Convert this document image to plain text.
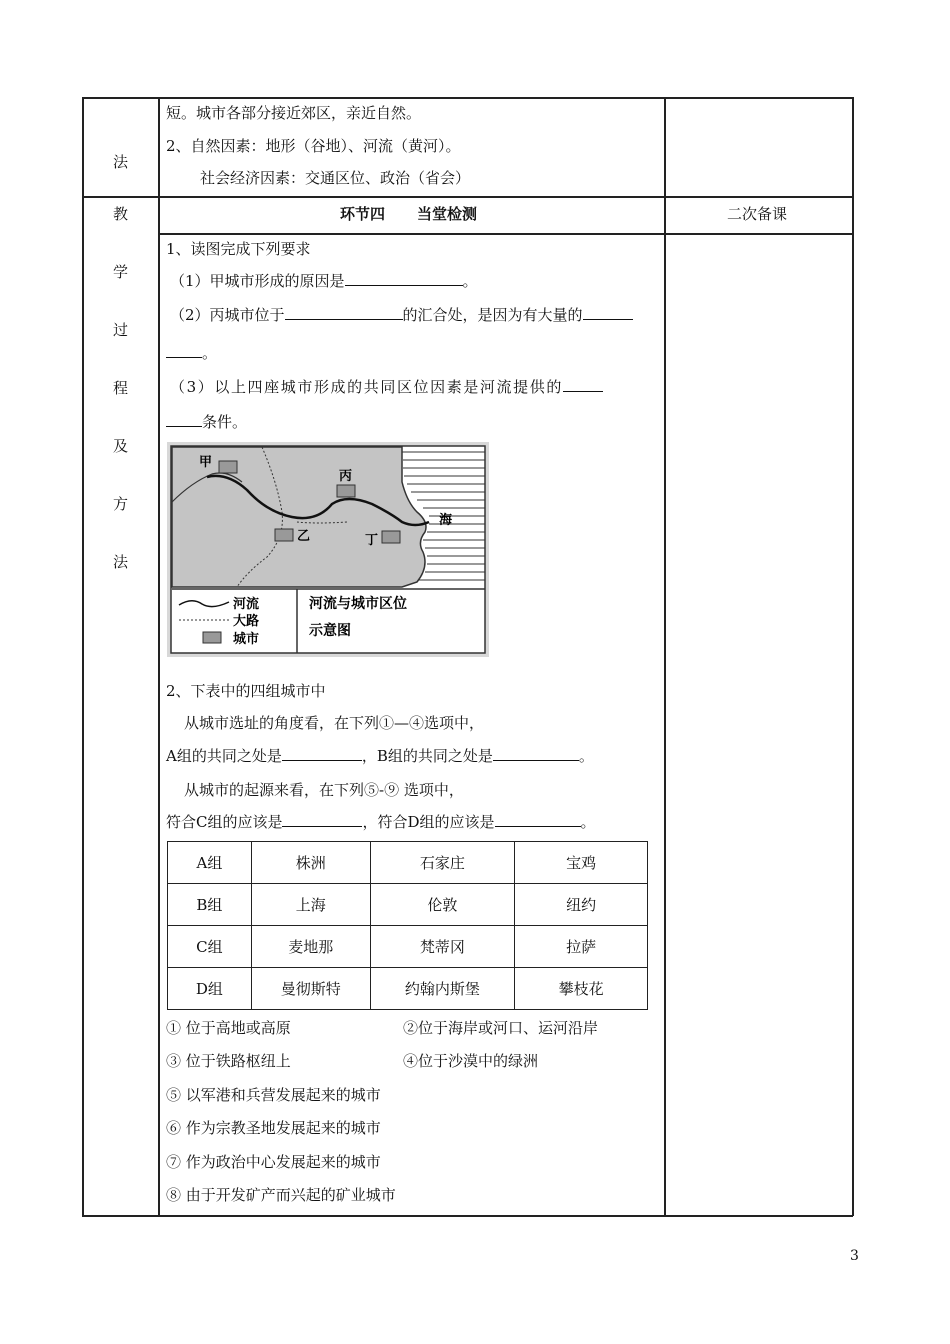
法
短。城市各部分接近郊区，亲近自然。
2、自然因素：地形（谷地）、河流（黄河）。
社会经济因素：交通区位、政治（省会）
环节四 当堂检测	二次备课
教
学
过
程
及
方
法
1、读图完成下列要求
（1）甲城市形成的原因是	。
（2）丙城市位于	的汇合处，是因为有大量的
。
（3）以上四座城市形成的共同区位因素是河流提供的
条件。
甲
乙
丙
丁
海
河流
大路
城市
河流与城市区位
示意图
2、下表中的四组城市中
从城市选址的角度看，在下列①—④选项中，
A组的共同之处是	，B组的共同之处是	。
从城市的起源来看，在下列⑤-⑨ 选项中，
符合C组的应该是	，符合D组的应该是	。
A组	株洲	石家庄	宝鸡
B组	上海	伦敦	纽约
C组	麦地那	梵蒂冈	拉萨
D组	曼彻斯特	约翰内斯堡	攀枝花
① 位于高地或高原	②位于海岸或河口、运河沿岸
③ 位于铁路枢纽上	④位于沙漠中的绿洲
⑤ 以军港和兵营发展起来的城市
⑥ 作为宗教圣地发展起来的城市
⑦ 作为政治中心发展起来的城市
⑧ 由于开发矿产而兴起的矿业城市
3
